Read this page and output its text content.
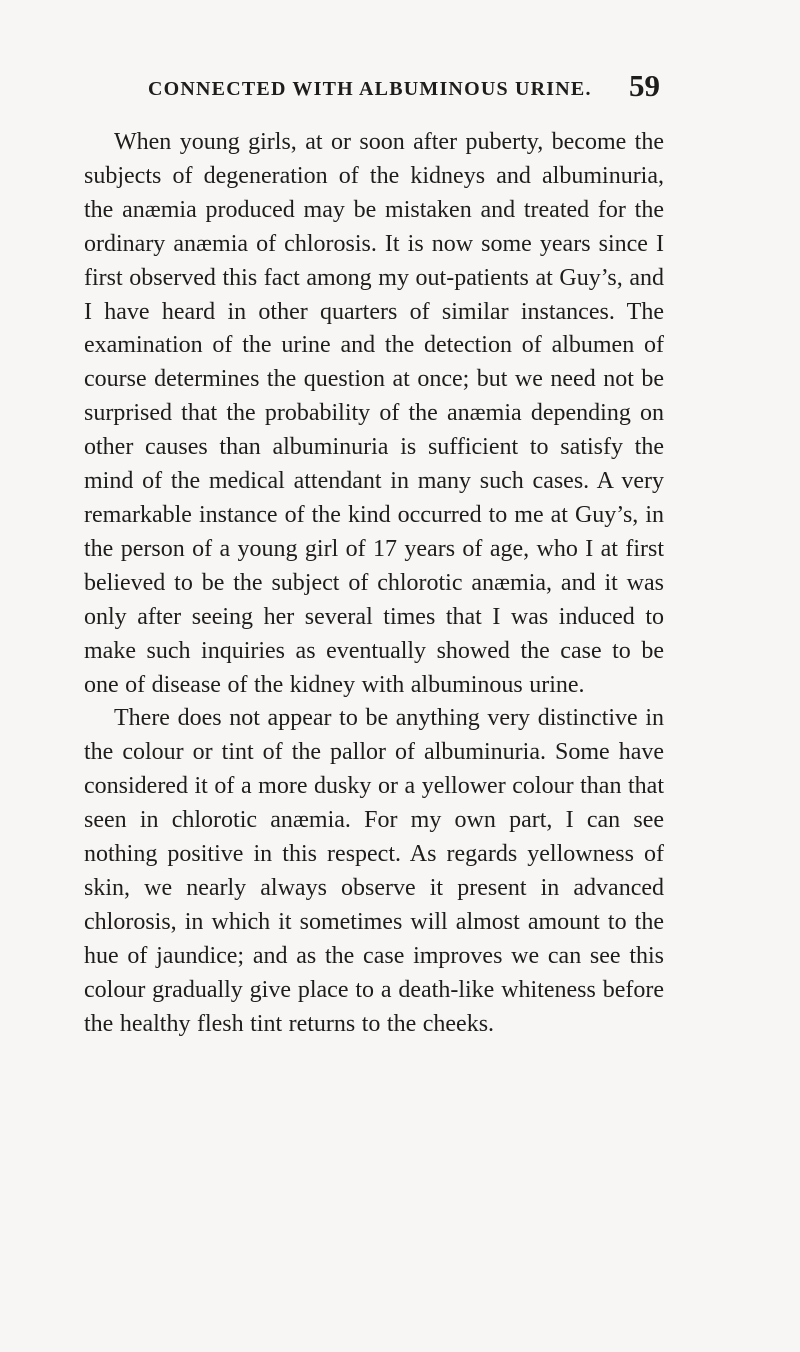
CONNECTED WITH ALBUMINOUS URINE. 59

When young girls, at or soon after puberty, become the subjects of degeneration of the kidneys and albuminuria, the anæmia produced may be mistaken and treated for the ordinary anæmia of chlorosis. It is now some years since I first observed this fact among my out-patients at Guy’s, and I have heard in other quarters of similar instances. The examination of the urine and the detection of albumen of course determines the question at once; but we need not be surprised that the probability of the anæmia depending on other causes than albuminuria is sufficient to satisfy the mind of the medical attendant in many such cases. A very remarkable instance of the kind occurred to me at Guy’s, in the person of a young girl of 17 years of age, who I at first believed to be the subject of chlorotic anæmia, and it was only after seeing her several times that I was induced to make such inquiries as eventually showed the case to be one of disease of the kidney with albuminous urine.

There does not appear to be anything very distinctive in the colour or tint of the pallor of albuminuria. Some have considered it of a more dusky or a yellower colour than that seen in chlorotic anæmia. For my own part, I can see nothing positive in this respect. As regards yellowness of skin, we nearly always observe it present in advanced chlorosis, in which it sometimes will almost amount to the hue of jaundice; and as the case improves we can see this colour gradually give place to a death-like whiteness before the healthy flesh tint returns to the cheeks.
